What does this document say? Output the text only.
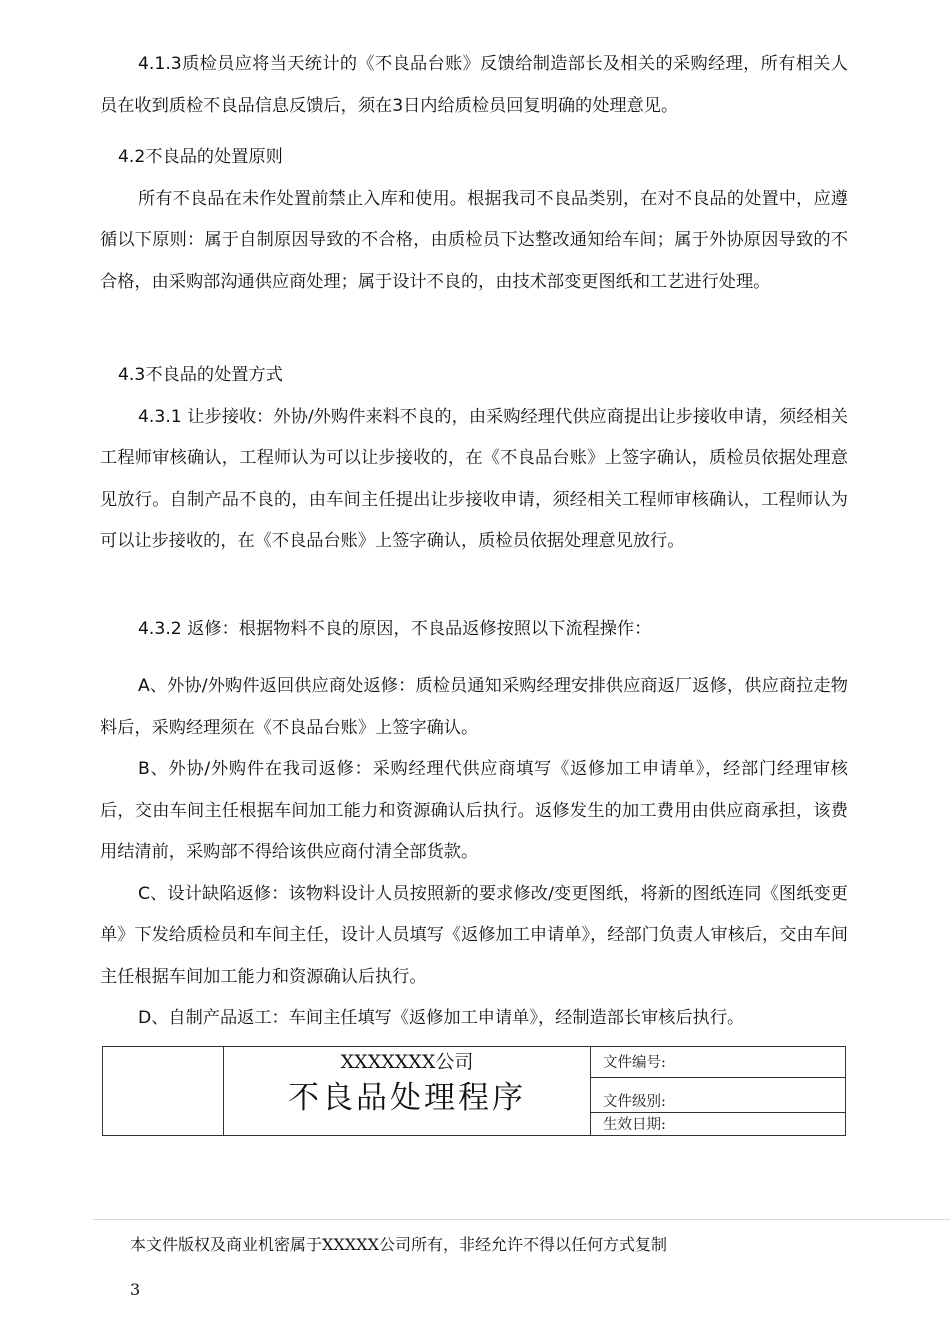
4.1.3质检员应将当天统计的《不良品台账》反馈给制造部长及相关的采购经理，所有相关人员在收到质检不良品信息反馈后，须在3日内给质检员回复明确的处理意见。

4.2不良品的处置原则

所有不良品在未作处置前禁止入库和使用。根据我司不良品类别，在对不良品的处置中，应遵循以下原则：属于自制原因导致的不合格，由质检员下达整改通知给车间；属于外协原因导致的不合格，由采购部沟通供应商处理；属于设计不良的，由技术部变更图纸和工艺进行处理。

4.3不良品的处置方式

4.3.1 让步接收：外协/外购件来料不良的，由采购经理代供应商提出让步接收申请，须经相关工程师审核确认，工程师认为可以让步接收的，在《不良品台账》上签字确认，质检员依据处理意见放行。自制产品不良的，由车间主任提出让步接收申请，须经相关工程师审核确认，工程师认为可以让步接收的，在《不良品台账》上签字确认，质检员依据处理意见放行。

4.3.2 返修：根据物料不良的原因，不良品返修按照以下流程操作：

A、外协/外购件返回供应商处返修：质检员通知采购经理安排供应商返厂返修，供应商拉走物料后，采购经理须在《不良品台账》上签字确认。

B、外协/外购件在我司返修：采购经理代供应商填写《返修加工申请单》，经部门经理审核后，交由车间主任根据车间加工能力和资源确认后执行。返修发生的加工费用由供应商承担，该费用结清前，采购部不得给该供应商付清全部货款。

C、设计缺陷返修：该物料设计人员按照新的要求修改/变更图纸，将新的图纸连同《图纸变更单》下发给质检员和车间主任，设计人员填写《返修加工申请单》，经部门负责人审核后，交由车间主任根据车间加工能力和资源确认后执行。

D、自制产品返工：车间主任填写《返修加工申请单》，经制造部长审核后执行。

XXXXXXX公司
不良品处理程序
	文件编号:
文件级别:
生效日期:
本文件版权及商业机密属于XXXXX公司所有，非经允许不得以任何方式复制
3
